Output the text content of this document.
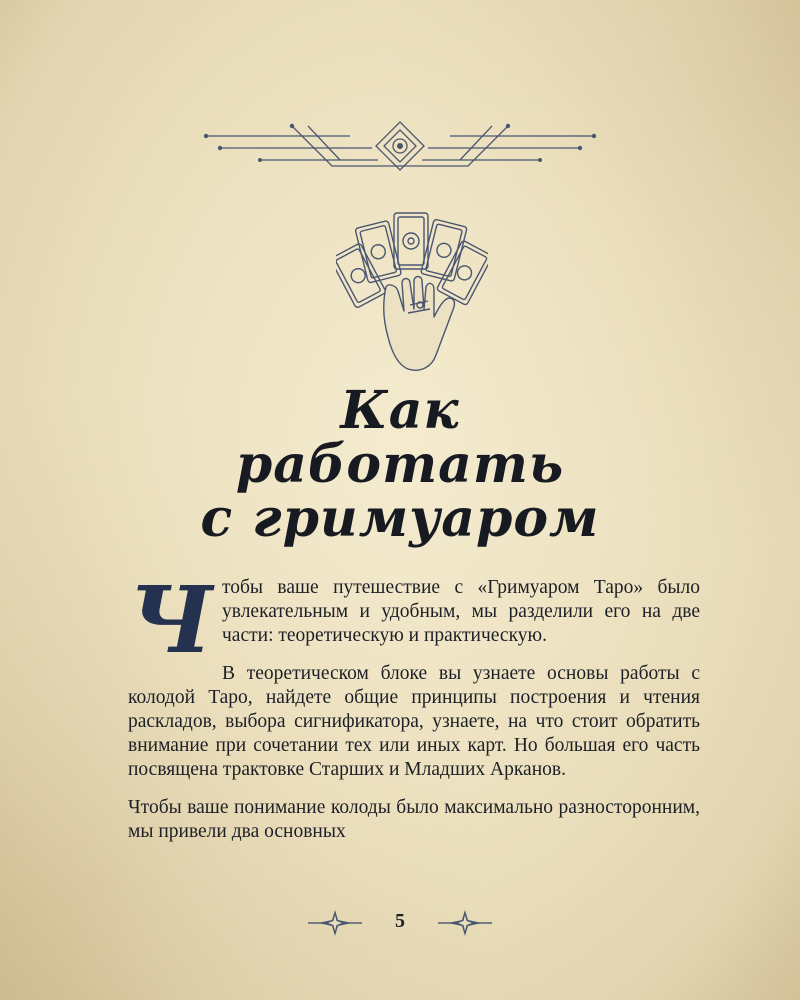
Как
работать
с гримуаром

Чтобы ваше путешествие с «Гримуаром Таро» было увлекательным и удобным, мы разделили его на две части: теоретическую и практическую.

В теоретическом блоке вы узнаете основы работы с колодой Таро, найдете общие принципы построения и чтения раскладов, выбора сигнификатора, узнаете, на что стоит обратить внимание при сочетании тех или иных карт. Но большая его часть посвящена трактовке Старших и Младших Арканов.

Чтобы ваше понимание колоды было максимально разносторонним, мы привели два основных

5
